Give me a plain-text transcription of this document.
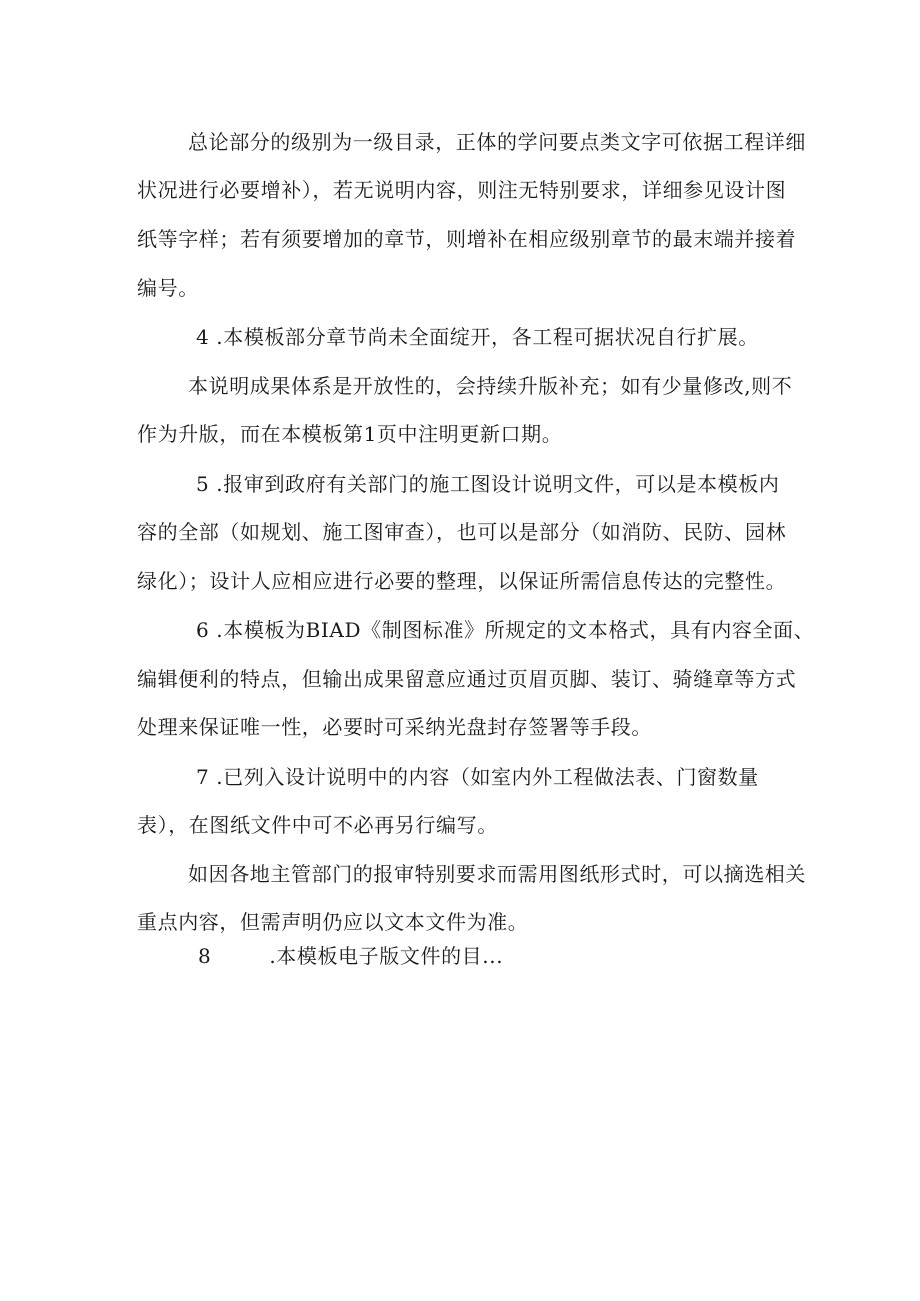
总论部分的级别为一级目录，正体的学问要点类文字可依据工程详细

状况进行必要增补），若无说明内容，则注无特别要求，详细参见设计图

纸等字样；若有须要增加的章节，则增补在相应级别章节的最末端并接着

编号。

4 .本模板部分章节尚未全面绽开，各工程可据状况自行扩展。

本说明成果体系是开放性的，会持续升版补充；如有少量修改,则不

作为升版，而在本模板第1页中注明更新口期。

5 .报审到政府有关部门的施工图设计说明文件，可以是本模板内

容的全部（如规划、施工图审查），也可以是部分（如消防、民防、园林

绿化）；设计人应相应进行必要的整理，以保证所需信息传达的完整性。

6 .本模板为BIAD《制图标准》所规定的文本格式，具有内容全面、

编辑便利的特点，但输出成果留意应通过页眉页脚、装订、骑缝章等方式

处理来保证唯一性，必要时可采纳光盘封存签署等手段。

7 .已列入设计说明中的内容（如室内外工程做法表、门窗数量

表），在图纸文件中可不必再另行编写。

如因各地主管部门的报审特别要求而需用图纸形式时，可以摘选相关

重点内容，但需声明仍应以文本文件为准。

8	.本模板电子版文件的目...
